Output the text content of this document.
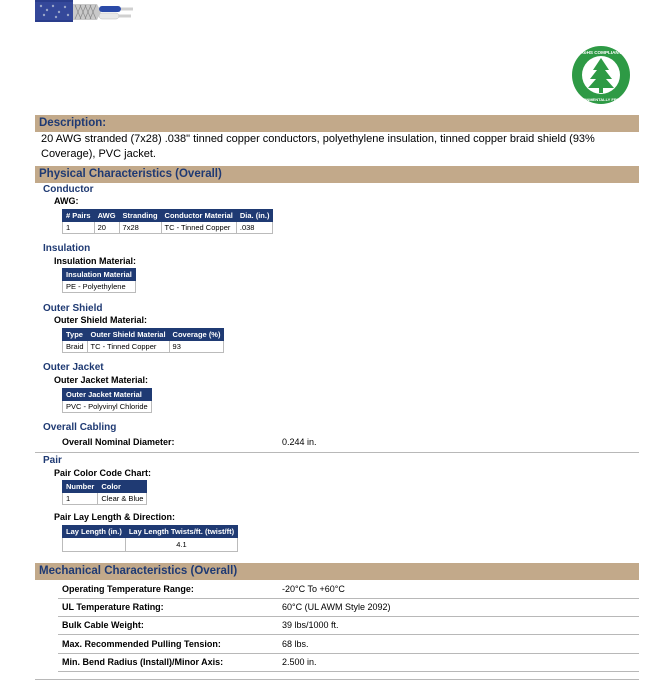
RoHS COMPLIANT
ENVIRONMENTALLY FRIENDLY
Description:
20 AWG stranded (7x28) .038" tinned copper conductors, polyethylene insulation, tinned copper braid shield (93% Coverage), PVC jacket.
Physical Characteristics (Overall)
Conductor
AWG:
# Pairs	AWG	Stranding	Conductor Material	Dia. (in.)
1	20	7x28	TC - Tinned Copper	.038
Insulation
Insulation Material:
Insulation Material
PE - Polyethylene
Outer Shield
Outer Shield Material:
Type	Outer Shield Material	Coverage (%)
Braid	TC - Tinned Copper	93
Outer Jacket
Outer Jacket Material:
Outer Jacket Material
PVC - Polyvinyl Chloride
Overall Cabling
Overall Nominal Diameter:	0.244 in.
Pair
Pair Color Code Chart:
Number	Color
1	Clear & Blue
Pair Lay Length & Direction:
Lay Length (in.)	Lay Length Twists/ft. (twist/ft)
	4.1
Mechanical Characteristics (Overall)
Operating Temperature Range:	-20°C To +60°C
UL Temperature Rating:	60°C (UL AWM Style 2092)
Bulk Cable Weight:	39 lbs/1000 ft.
Max. Recommended Pulling Tension:	68 lbs.
Min. Bend Radius (Install)/Minor Axis:	2.500 in.
